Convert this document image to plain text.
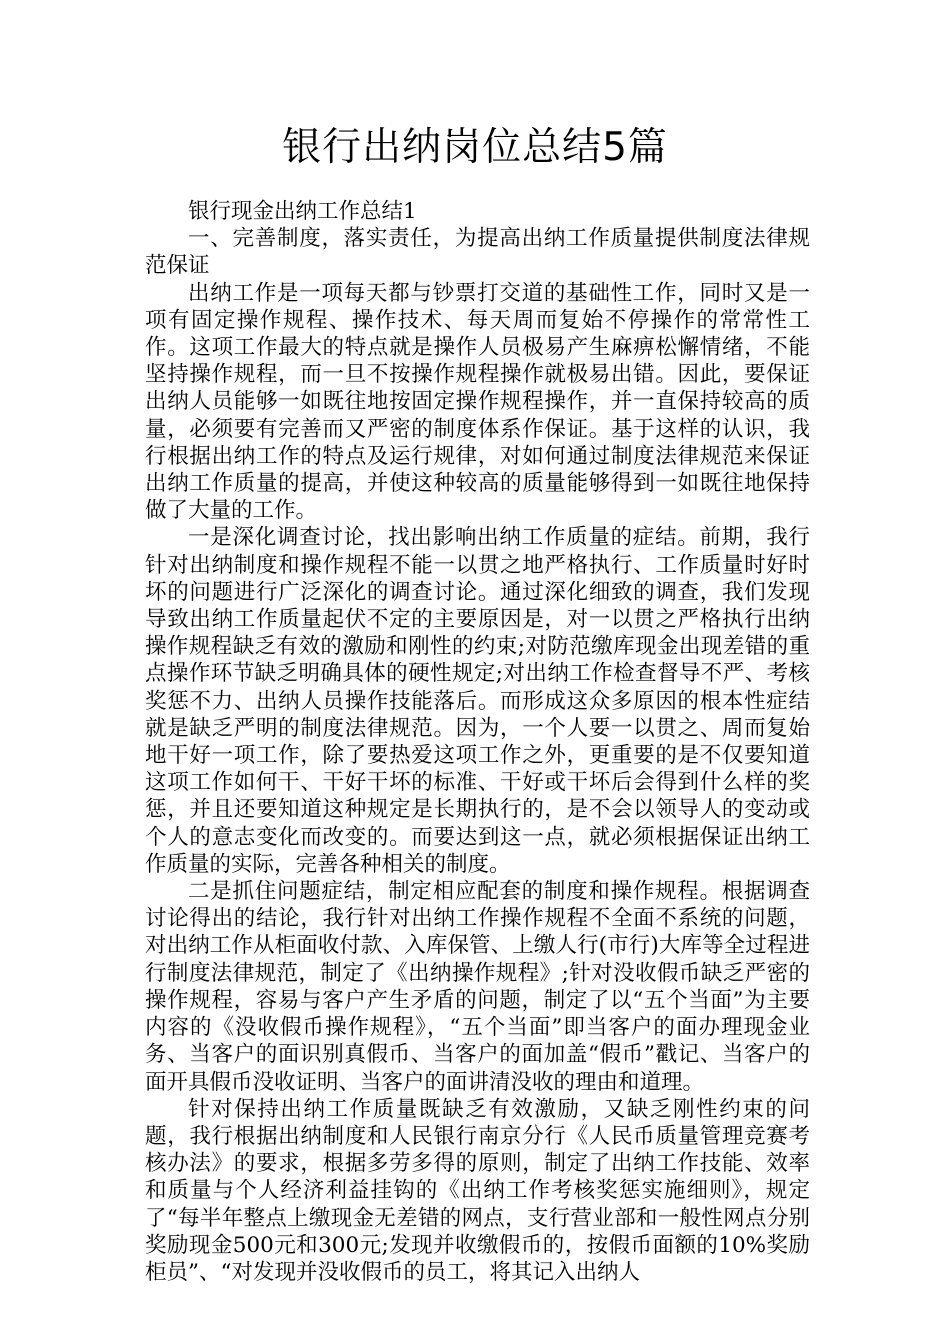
银行出纳岗位总结5篇

银行现金出纳工作总结1

一、完善制度，落实责任，为提高出纳工作质量提供制度法律规范保证

出纳工作是一项每天都与钞票打交道的基础性工作，同时又是一项有固定操作规程、操作技术、每天周而复始不停操作的常常性工作。这项工作最大的特点就是操作人员极易产生麻痹松懈情绪，不能坚持操作规程，而一旦不按操作规程操作就极易出错。因此，要保证出纳人员能够一如既往地按固定操作规程操作，并一直保持较高的质量，必须要有完善而又严密的制度体系作保证。基于这样的认识，我行根据出纳工作的特点及运行规律，对如何通过制度法律规范来保证出纳工作质量的提高，并使这种较高的质量能够得到一如既往地保持做了大量的工作。

一是深化调查讨论，找出影响出纳工作质量的症结。前期，我行针对出纳制度和操作规程不能一以贯之地严格执行、工作质量时好时坏的问题进行广泛深化的调查讨论。通过深化细致的调查，我们发现导致出纳工作质量起伏不定的主要原因是，对一以贯之严格执行出纳操作规程缺乏有效的激励和刚性的约束;对防范缴库现金出现差错的重点操作环节缺乏明确具体的硬性规定;对出纳工作检查督导不严、考核奖惩不力、出纳人员操作技能落后。而形成这众多原因的根本性症结就是缺乏严明的制度法律规范。因为，一个人要一以贯之、周而复始地干好一项工作，除了要热爱这项工作之外，更重要的是不仅要知道这项工作如何干、干好干坏的标准、干好或干坏后会得到什么样的奖惩，并且还要知道这种规定是长期执行的，是不会以领导人的变动或个人的意志变化而改变的。而要达到这一点，就必须根据保证出纳工作质量的实际，完善各种相关的制度。

二是抓住问题症结，制定相应配套的制度和操作规程。根据调查讨论得出的结论，我行针对出纳工作操作规程不全面不系统的问题，对出纳工作从柜面收付款、入库保管、上缴人行(市行)大库等全过程进行制度法律规范，制定了《出纳操作规程》;针对没收假币缺乏严密的操作规程，容易与客户产生矛盾的问题，制定了以“五个当面”为主要内容的《没收假币操作规程》，“五个当面”即当客户的面办理现金业务、当客户的面识别真假币、当客户的面加盖“假币”戳记、当客户的面开具假币没收证明、当客户的面讲清没收的理由和道理。

针对保持出纳工作质量既缺乏有效激励，又缺乏刚性约束的问题，我行根据出纳制度和人民银行南京分行《人民币质量管理竞赛考核办法》的要求，根据多劳多得的原则，制定了出纳工作技能、效率和质量与个人经济利益挂钩的《出纳工作考核奖惩实施细则》，规定了“每半年整点上缴现金无差错的网点，支行营业部和一般性网点分别奖励现金500元和300元;发现并收缴假币的，按假币面额的10%奖励柜员”、“对发现并没收假币的员工，将其记入出纳人
